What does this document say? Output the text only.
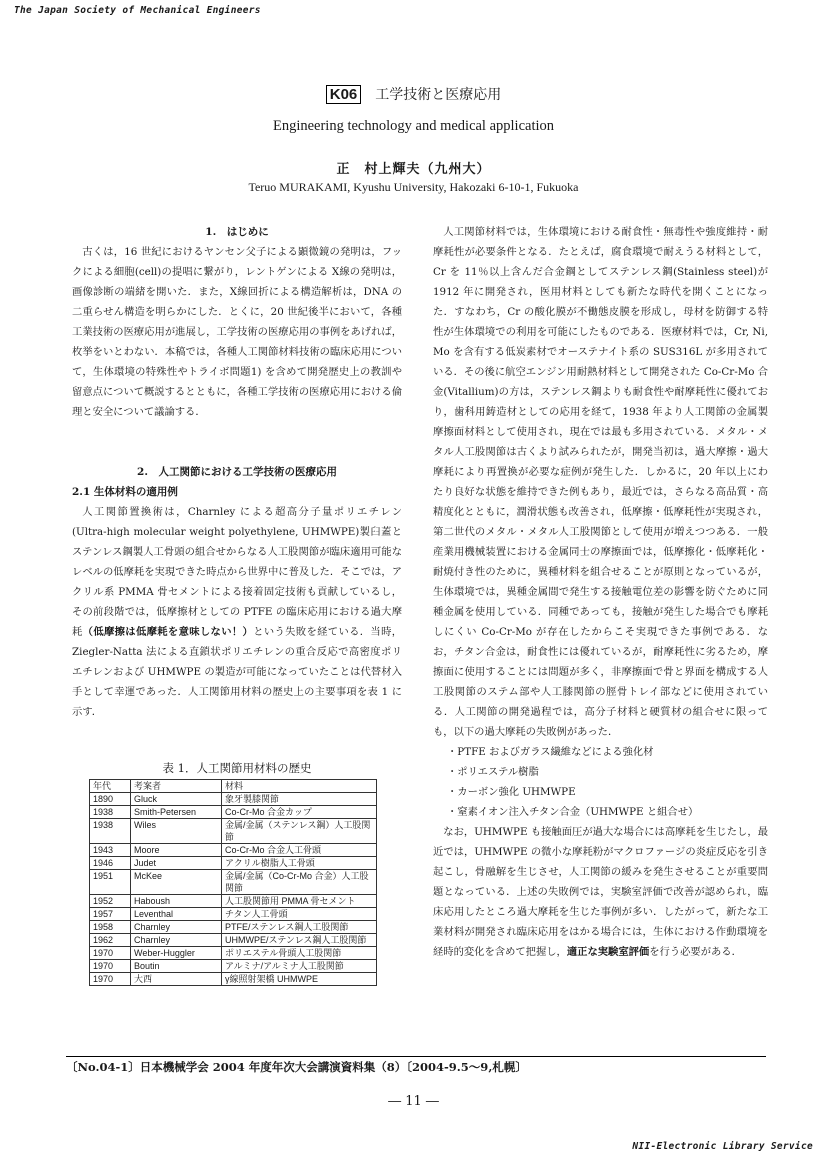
The Japan Society of Mechanical Engineers
K06 工学技術と医療応用
Engineering technology and medical application
正　村上輝夫（九州大）
Teruo MURAKAMI, Kyushu University, Hakozaki 6-10-1, Fukuoka
1.　はじめに
古くは，16 世紀におけるヤンセン父子による顕微鏡の発明は，フックによる細胞(cell)の提唱に繋がり，レントゲンによる X線の発明は，画像診断の端緒を開いた．また，X線回折による構造解析は，DNA の二重らせん構造を明らかにした．とくに，20 世紀後半において，各種工業技術の医療応用が進展し，工学技術の医療応用の事例をあげれば，枚挙をいとわない．本稿では，各種人工関節材料技術の臨床応用について，生体環境の特殊性やトライボ問題1) を含めて開発歴史上の教訓や留意点について概説するとともに，各種工学技術の医療応用における倫理と安全について議論する．
2.　人工関節における工学技術の医療応用
2.1 生体材料の適用例
人工関節置換術は，Charnley による超高分子量ポリエチレン(Ultra-high molecular weight polyethylene, UHMWPE)製臼蓋とステンレス鋼製人工骨頭の組合せからなる人工股関節が臨床適用可能なレベルの低摩耗を実現できた時点から世界中に普及した．そこでは，アクリル系 PMMA 骨セメントによる接着固定技術も貢献しているし，その前段階では，低摩擦材としての PTFE の臨床応用における過大摩耗（低摩擦は低摩耗を意味しない！）という失敗を経ている．当時，Ziegler-Natta 法による直鎖状ポリエチレンの重合反応で高密度ポリエチレンおよび UHMWPE の製造が可能になっていたことは代替材入手として幸運であった．人工関節用材料の歴史上の主要事項を表 1 に示す．
表 1．人工関節用材料の歴史
年代	考案者	材料
1890	Gluck	象牙製膝関節
1938	Smith-Petersen	Co-Cr-Mo 合金カップ
1938	Wiles	金属/金属（ステンレス鋼）人工股関節
1943	Moore	Co-Cr-Mo 合金人工骨頭
1946	Judet	アクリル樹脂人工骨頭
1951	McKee	金属/金属（Co-Cr-Mo 合金）人工股関節
1952	Haboush	人工股関節用 PMMA 骨セメント
1957	Leventhal	チタン人工骨頭
1958	Charnley	PTFE/ステンレス鋼人工股関節
1962	Charnley	UHMWPE/ステンレス鋼人工股関節
1970	Weber-Huggler	ポリエステル骨頭人工股関節
1970	Boutin	アルミナ/アルミナ人工股関節
1970	大西	γ線照射架橋 UHMWPE
人工関節材料では，生体環境における耐食性・無毒性や強度維持・耐摩耗性が必要条件となる．たとえば，腐食環境で耐えうる材料として，Cr を 11％以上含んだ合金鋼としてステンレス鋼(Stainless steel)が 1912 年に開発され，医用材料としても新たな時代を開くことになった．すなわち，Cr の酸化膜が不働態皮膜を形成し，母材を防御する特性が生体環境での利用を可能にしたものである．医療材料では，Cr, Ni, Mo を含有する低炭素材でオーステナイト系の SUS316L が多用されている．その後に航空エンジン用耐熱材料として開発された Co-Cr-Mo 合金(Vitallium)の方は，ステンレス鋼よりも耐食性や耐摩耗性に優れており，歯科用鋳造材としての応用を経て，1938 年より人工関節の金属製摩擦面材料として使用され，現在では最も多用されている．メタル・メタル人工股関節は古くより試みられたが，開発当初は，過大摩擦・過大摩耗により再置換が必要な症例が発生した．しかるに，20 年以上にわたり良好な状態を維持できた例もあり，最近では，さらなる高品質・高精度化とともに，潤滑状態も改善され，低摩擦・低摩耗性が実現され，第二世代のメタル・メタル人工股関節として使用が増えつつある．一般産業用機械装置における金属同士の摩擦面では，低摩擦化・低摩耗化・耐焼付き性のために，異種材料を組合せることが原則となっているが，生体環境では，異種金属間で発生する接触電位差の影響を防ぐために同種金属を使用している．同種であっても，接触が発生した場合でも摩耗しにくい Co-Cr-Mo が存在したからこそ実現できた事例である．なお，チタン合金は，耐食性には優れているが，耐摩耗性に劣るため，摩擦面に使用することには問題が多く，非摩擦面で骨と界面を構成する人工股関節のステム部や人工膝関節の脛骨トレイ部などに使用されている．人工関節の開発過程では，高分子材料と硬質材の組合せに限っても，以下の過大摩耗の失敗例があった．
・PTFE およびガラス繊維などによる強化材
・ポリエステル樹脂
・カーボン強化 UHMWPE
・窒素イオン注入チタン合金（UHMWPE と組合せ）
なお，UHMWPE も接触面圧が過大な場合には高摩耗を生じたし，最近では，UHMWPE の微小な摩耗粉がマクロファージの炎症反応を引き起こし，骨融解を生じさせ，人工関節の緩みを発生させることが重要問題となっている．上述の失敗例では，実験室評価で改善が認められ，臨床応用したところ過大摩耗を生じた事例が多い．したがって，新たな工業材料が開発され臨床応用をはかる場合には，生体における作動環境を経時的変化を含めて把握し，適正な実験室評価を行う必要がある．
〔No.04-1〕日本機械学会 2004 年度年次大会講演資料集（8）〔2004-9.5～9,札幌〕
― 11 ―
NII-Electronic Library Service
